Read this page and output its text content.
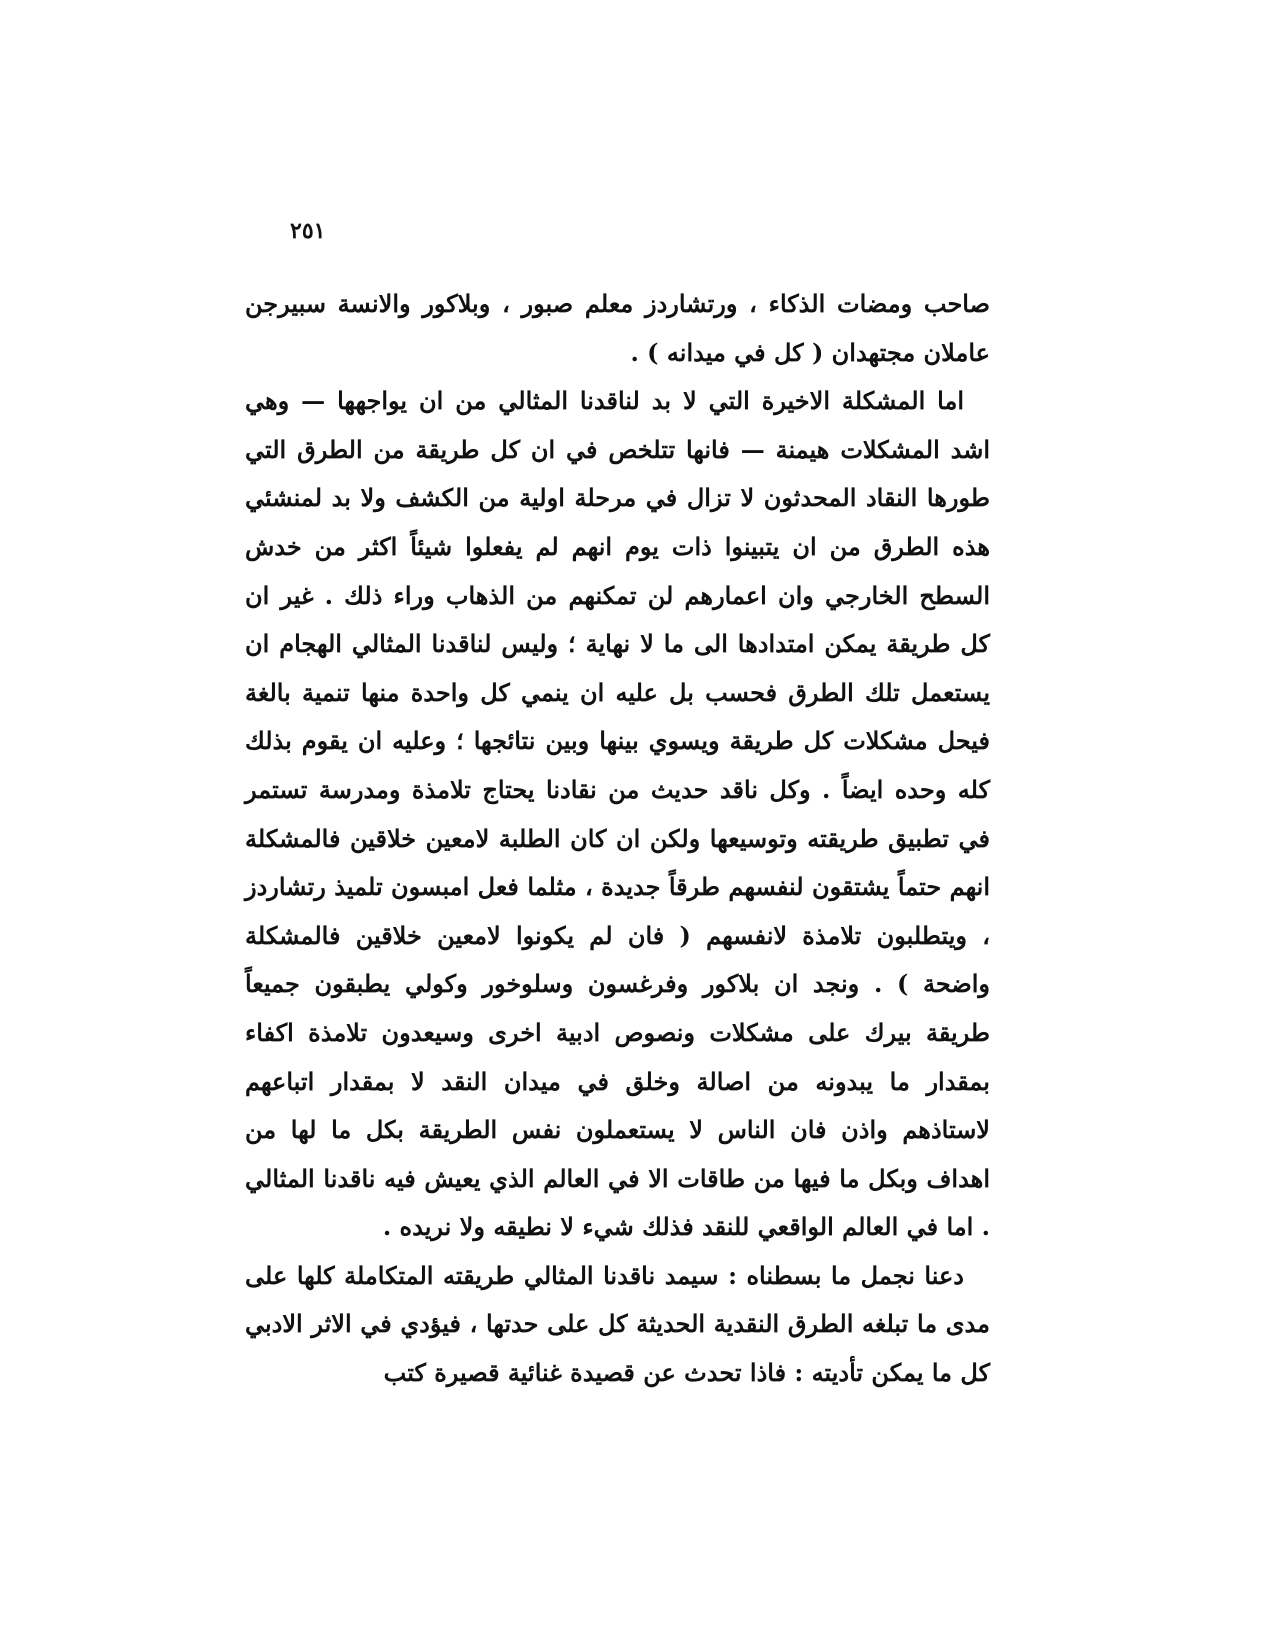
٢٥١

صاحب ومضات الذكاء ، ورتشاردز معلم صبور ، وبلاكور والانسة سبيرجن عاملان مجتهدان ( كل في ميدانه ) .

اما المشكلة الاخيرة التي لا بد لناقدنا المثالي من ان يواجهها — وهي اشد المشكلات هيمنة — فانها تتلخص في ان كل طريقة من الطرق التي طورها النقاد المحدثون لا تزال في مرحلة اولية من الكشف ولا بد لمنشئي هذه الطرق من ان يتبينوا ذات يوم انهم لم يفعلوا شيئاً اكثر من خدش السطح الخارجي وان اعمارهم لن تمكنهم من الذهاب وراء ذلك . غير ان كل طريقة يمكن امتدادها الى ما لا نهاية ؛ وليس لناقدنا المثالي الهجام ان يستعمل تلك الطرق فحسب بل عليه ان ينمي كل واحدة منها تنمية بالغة فيحل مشكلات كل طريقة ويسوي بينها وبين نتائجها ؛ وعليه ان يقوم بذلك كله وحده ايضاً . وكل ناقد حديث من نقادنا يحتاج تلامذة ومدرسة تستمر في تطبيق طريقته وتوسيعها ولكن ان كان الطلبة لامعين خلاقين فالمشكلة انهم حتماً يشتقون لنفسهم طرقاً جديدة ، مثلما فعل امبسون تلميذ رتشاردز ، ويتطلبون تلامذة لانفسهم ( فان لم يكونوا لامعين خلاقين فالمشكلة واضحة ) . ونجد ان بلاكور وفرغسون وسلوخور وكولي يطبقون جميعاً طريقة بيرك على مشكلات ونصوص ادبية اخرى وسيعدون تلامذة اكفاء بمقدار ما يبدونه من اصالة وخلق في ميدان النقد لا بمقدار اتباعهم لاستاذهم واذن فان الناس لا يستعملون نفس الطريقة بكل ما لها من اهداف وبكل ما فيها من طاقات الا في العالم الذي يعيش فيه ناقدنا المثالي . اما في العالم الواقعي للنقد فذلك شيء لا نطيقه ولا نريده .

دعنا نجمل ما بسطناه : سيمد ناقدنا المثالي طريقته المتكاملة كلها على مدى ما تبلغه الطرق النقدية الحديثة كل على حدتها ، فيؤدي في الاثر الادبي كل ما يمكن تأديته : فاذا تحدث عن قصيدة غنائية قصيرة كتب
